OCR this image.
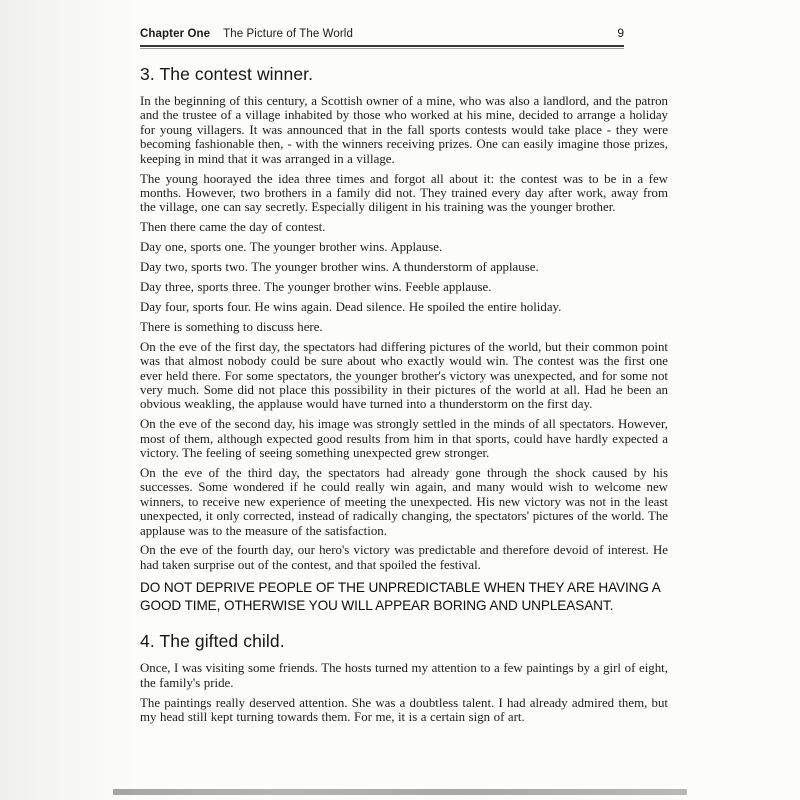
Chapter One The Picture of The World	9
3. The contest winner.

In the beginning of this century, a Scottish owner of a mine, who was also a landlord, and the patron and the trustee of a village inhabited by those who worked at his mine, decided to arrange a holiday for young villagers. It was announced that in the fall sports contests would take place - they were becoming fashionable then, - with the winners receiving prizes. One can easily imagine those prizes, keeping in mind that it was arranged in a village.

The young hoorayed the idea three times and forgot all about it: the contest was to be in a few months. However, two brothers in a family did not. They trained every day after work, away from the village, one can say secretly. Especially diligent in his training was the younger brother.

Then there came the day of contest.

Day one, sports one. The younger brother wins. Applause.

Day two, sports two. The younger brother wins. A thunderstorm of applause.

Day three, sports three. The younger brother wins. Feeble applause.

Day four, sports four. He wins again. Dead silence. He spoiled the entire holiday.

There is something to discuss here.

On the eve of the first day, the spectators had differing pictures of the world, but their common point was that almost nobody could be sure about who exactly would win. The contest was the first one ever held there. For some spectators, the younger brother's victory was unexpected, and for some not very much. Some did not place this possibility in their pictures of the world at all. Had he been an obvious weakling, the applause would have turned into a thunderstorm on the first day.

On the eve of the second day, his image was strongly settled in the minds of all spectators. However, most of them, although expected good results from him in that sports, could have hardly expected a victory. The feeling of seeing something unexpected grew stronger.

On the eve of the third day, the spectators had already gone through the shock caused by his successes. Some wondered if he could really win again, and many would wish to welcome new winners, to receive new experience of meeting the unexpected. His new victory was not in the least unexpected, it only corrected, instead of radically changing, the spectators' pictures of the world. The applause was to the measure of the satisfaction.

On the eve of the fourth day, our hero's victory was predictable and therefore devoid of interest. He had taken surprise out of the contest, and that spoiled the festival.

DO NOT DEPRIVE PEOPLE OF THE UNPREDICTABLE WHEN THEY ARE HAVING A GOOD TIME, OTHERWISE YOU WILL APPEAR BORING AND UNPLEASANT.

4. The gifted child.

Once, I was visiting some friends. The hosts turned my attention to a few paintings by a girl of eight, the family's pride.

The paintings really deserved attention. She was a doubtless talent. I had already admired them, but my head still kept turning towards them. For me, it is a certain sign of art.
